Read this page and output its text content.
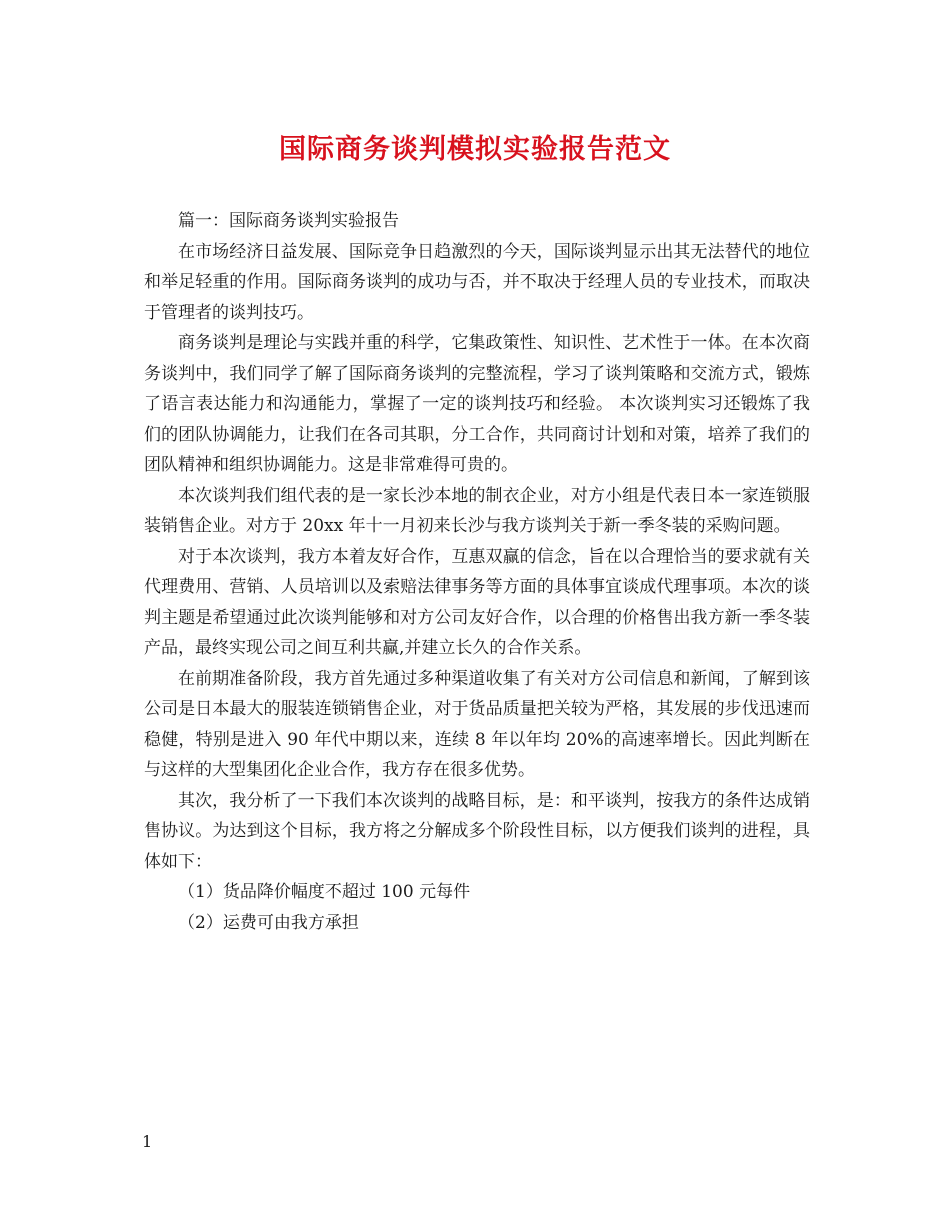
国际商务谈判模拟实验报告范文

篇一：国际商务谈判实验报告

在市场经济日益发展、国际竞争日趋激烈的今天，国际谈判显示出其无法替代的地位和举足轻重的作用。国际商务谈判的成功与否，并不取决于经理人员的专业技术，而取决于管理者的谈判技巧。

商务谈判是理论与实践并重的科学，它集政策性、知识性、艺术性于一体。在本次商务谈判中，我们同学了解了国际商务谈判的完整流程，学习了谈判策略和交流方式，锻炼了语言表达能力和沟通能力，掌握了一定的谈判技巧和经验。 本次谈判实习还锻炼了我们的团队协调能力，让我们在各司其职，分工合作，共同商讨计划和对策，培养了我们的团队精神和组织协调能力。这是非常难得可贵的。

本次谈判我们组代表的是一家长沙本地的制衣企业，对方小组是代表日本一家连锁服装销售企业。对方于 20xx 年十一月初来长沙与我方谈判关于新一季冬装的采购问题。

对于本次谈判，我方本着友好合作，互惠双赢的信念，旨在以合理恰当的要求就有关代理费用、营销、人员培训以及索赔法律事务等方面的具体事宜谈成代理事项。本次的谈判主题是希望通过此次谈判能够和对方公司友好合作，以合理的价格售出我方新一季冬装产品，最终实现公司之间互利共赢,并建立长久的合作关系。

在前期准备阶段，我方首先通过多种渠道收集了有关对方公司信息和新闻，了解到该公司是日本最大的服装连锁销售企业，对于货品质量把关较为严格，其发展的步伐迅速而稳健，特别是进入 90 年代中期以来，连续 8 年以年均 20%的高速率增长。因此判断在与这样的大型集团化企业合作，我方存在很多优势。

其次，我分析了一下我们本次谈判的战略目标，是：和平谈判，按我方的条件达成销售协议。为达到这个目标，我方将之分解成多个阶段性目标，以方便我们谈判的进程，具体如下：

（1）货品降价幅度不超过 100 元每件

（2）运费可由我方承担

1
